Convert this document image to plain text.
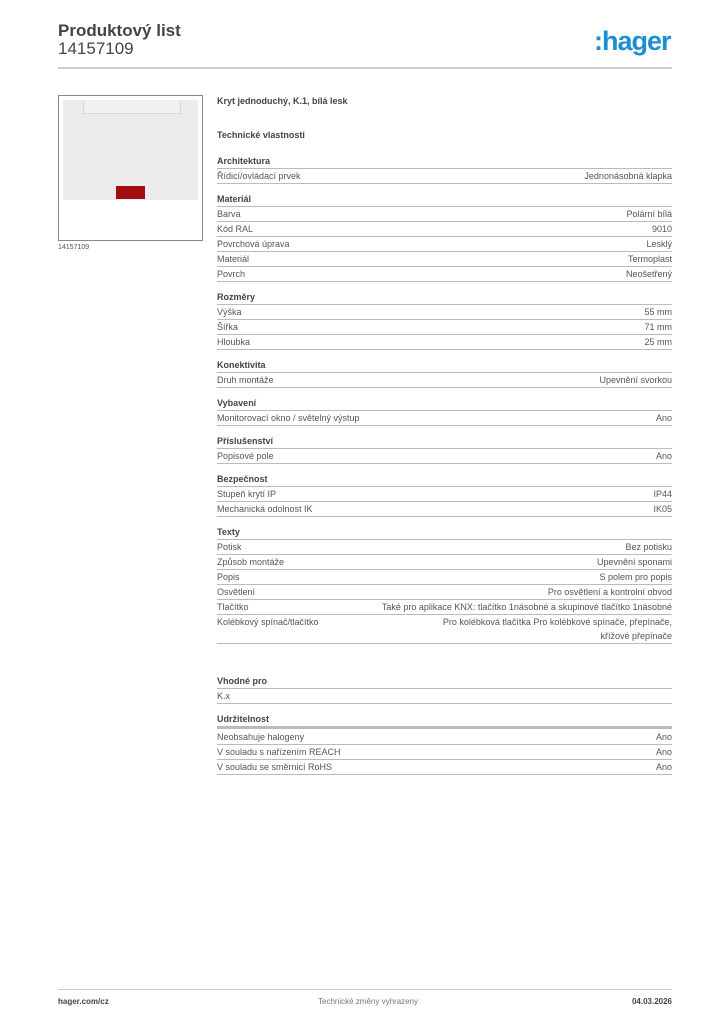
Produktový list
14157109	:hager
14157109
Kryt jednoduchý, K.1, bílá lesk
Technické vlastnosti
Architektura
Řídicí/ovládací prvek	Jednonásobná klapka
Materiál
Barva	Polární bílá
Kód RAL	9010
Povrchová úprava	Lesklý
Materiál	Termoplast
Povrch	Neošetřený
Rozměry
Výška	55 mm
Šířka	71 mm
Hloubka	25 mm
Konektivita
Druh montáže	Upevnění svorkou
Vybavení
Monitorovací okno / světelný výstup	Ano
Příslušenství
Popisové pole	Ano
Bezpečnost
Stupeň krytí IP	IP44
Mechanická odolnost IK	IK05
Texty
Potisk	Bez potisku
Způsob montáže	Upevnění sponami
Popis	S polem pro popis
Osvětlení	Pro osvětlení a kontrolní obvod
Tlačítko	Také pro aplikace KNX: tlačítko 1násobné a skupinové tlačítko 1násobné
Kolébkový spínač/tlačítko	Pro kolébková tlačítka Pro kolébkové spínače, přepínače, křížové přepínače
Vhodné pro
K.x
Udržitelnost
Neobsahuje halogeny	Ano
V souladu s nařízením REACH	Ano
V souladu se směrnicí RoHS	Ano
hager.com/cz	Technické změny vyhrazeny	04.03.2026
